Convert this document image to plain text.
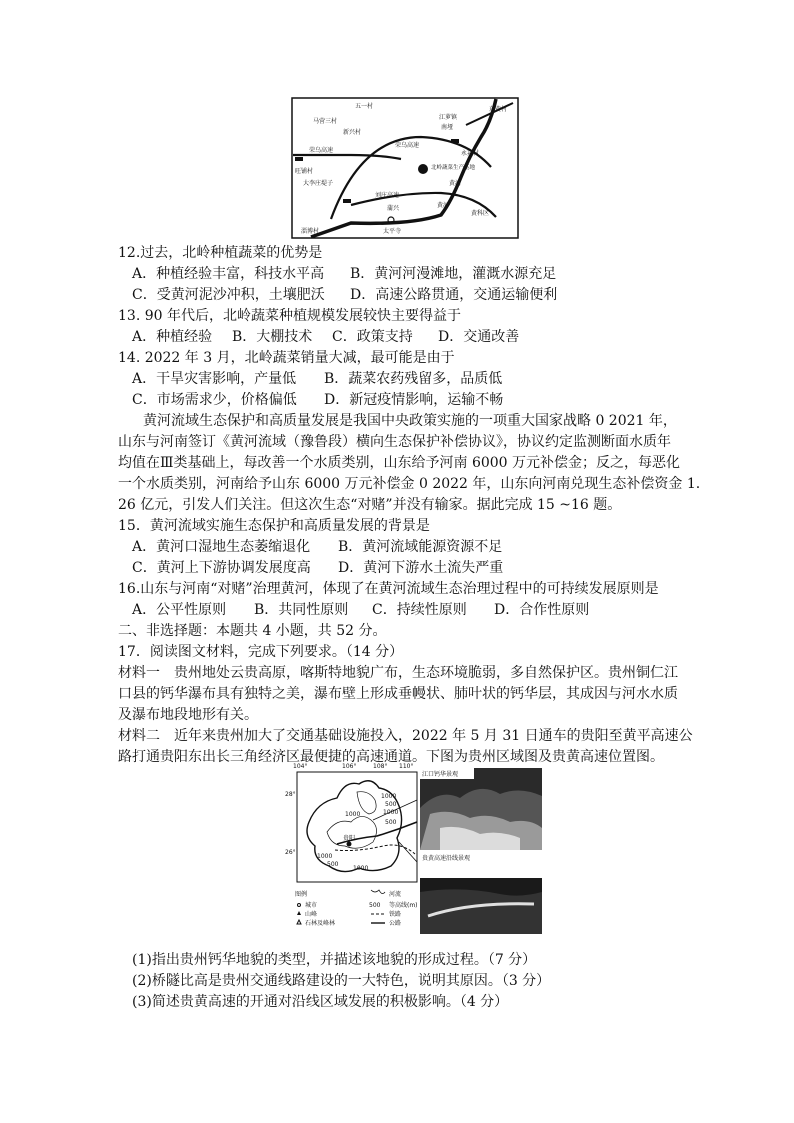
五一村
马营三村
新兴村
江萝镇
南垭
东黄村
永嘉村
荣乌高速
荣乌高速
北岭蔬菜生产基地
旺铺村
大李庄堤子
刘庄高速
黄河
黄河
蒲兴
黄科区
太平寺
淄博村
12.过去，北岭种植蔬菜的优势是
A．种植经验丰富，科技水平高 B．黄河河漫滩地，灌溉水源充足
C．受黄河泥沙冲积，土壤肥沃 D．高速公路贯通，交通运输便利
13. 90 年代后，北岭蔬菜种植规模发展较快主要得益于
A．种植经验 B．大棚技术 C．政策支持 D．交通改善
14. 2022 年 3 月，北岭蔬菜销量大减，最可能是由于
A．干旱灾害影响，产量低 B．蔬菜农药残留多，品质低
C．市场需求少，价格偏低 D．新冠疫情影响，运输不畅
黄河流域生态保护和高质量发展是我国中央政策实施的一项重大国家战略 0 2021 年，
山东与河南签订《黄河流域（豫鲁段）横向生态保护补偿协议》，协议约定监测断面水质年
均值在Ⅲ类基础上，每改善一个水质类别，山东给予河南 6000 万元补偿金；反之，每恶化
一个水质类别，河南给予山东 6000 万元补偿金 0 2022 年，山东向河南兑现生态补偿资金 1.
26 亿元，引发人们关注。但这次生态“对赌”并没有输家。据此完成 15 ~16 题。
15．黄河流域实施生态保护和高质量发展的背景是
A．黄河口湿地生态萎缩退化 B．黄河流域能源资源不足
C．黄河上下游协调发展度高 D．黄河下游水土流失严重
16.山东与河南“对赌”治理黄河，体现了在黄河流域生态治理过程中的可持续发展原则是
A．公平性原则 B．共同性原则 C．持续性原则 D．合作性原则
二、非选择题：本题共 4 小题，共 52 分。
17．阅读图文材料，完成下列要求。（14 分）
材料一　贵州地处云贵高原，喀斯特地貌广布，生态环境脆弱，多自然保护区。贵州铜仁江
口县的钙华瀑布具有独特之美，瀑布壁上形成垂幔状、肺叶状的钙华层，其成因与河水水质
及瀑布地段地形有关。
材料二　近年来贵州加大了交通基础设施投入，2022 年 5 月 31 日通车的贵阳至黄平高速公
路打通贵阳东出长三角经济区最便捷的高速通道。下图为贵州区域图及贵黄高速位置图。
104°	106°	108° 110°
28°
26°
1000
1000
500
1000
500
1000
500
1000
贵阳
图例
城市
山峰
石林及峰林
河流
500 等高线(m)
铁路
公路
江口钙华景观
贵黄高速沿线景观
(1)指出贵州钙华地貌的类型，并描述该地貌的形成过程。（7 分）
(2)桥隧比高是贵州交通线路建设的一大特色，说明其原因。（3 分）
(3)简述贵黄高速的开通对沿线区域发展的积极影响。（4 分）
